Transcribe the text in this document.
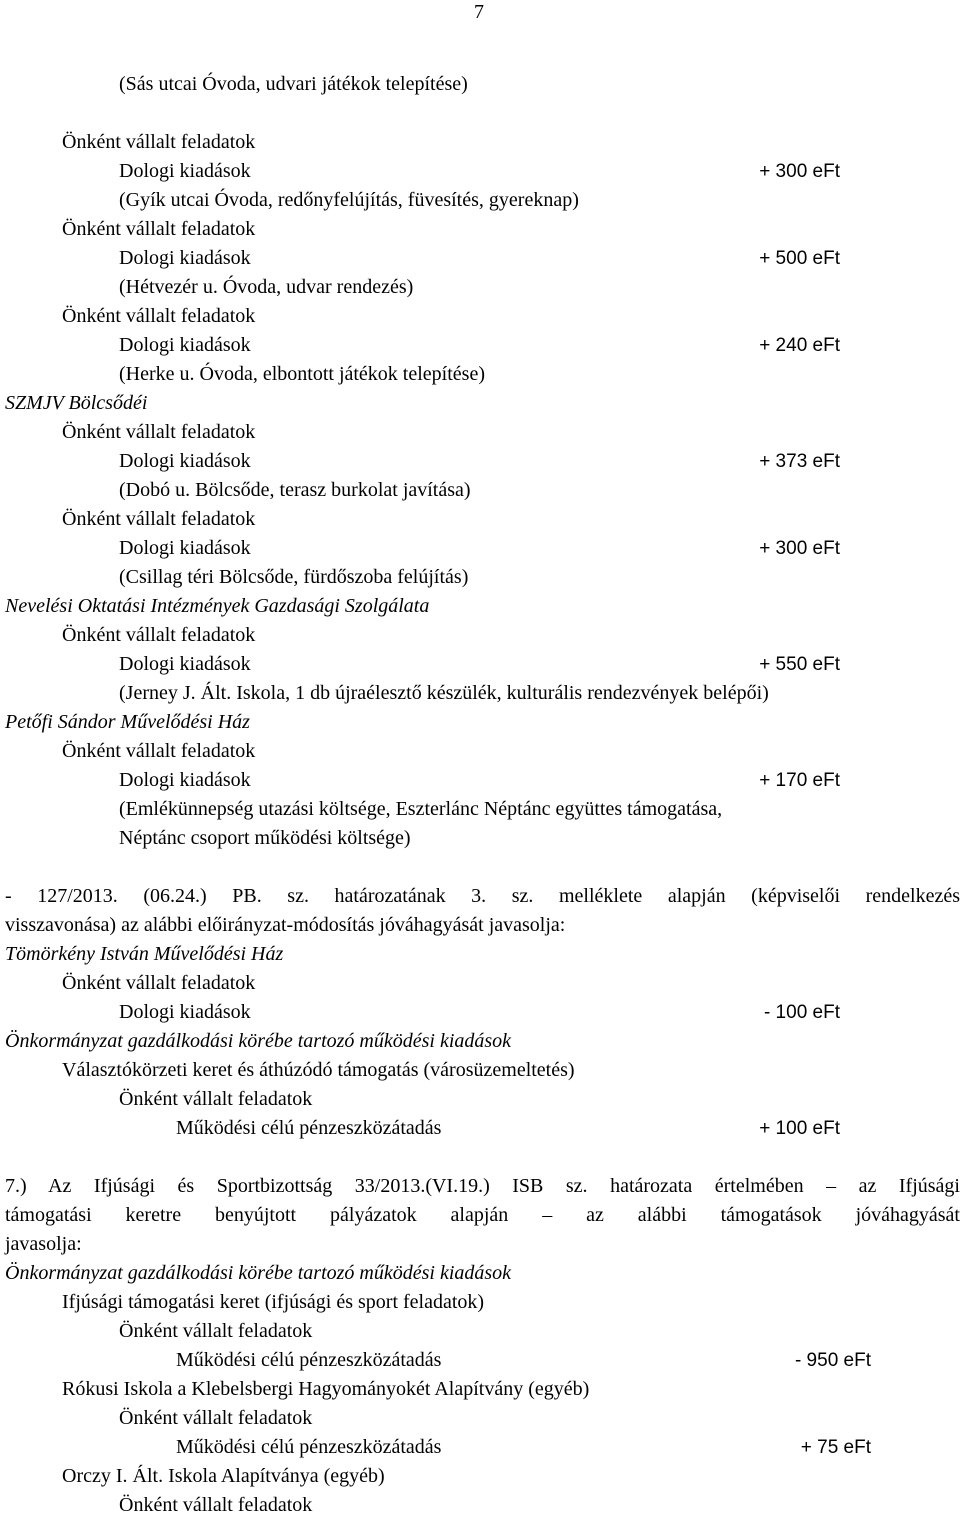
7
(Sás utcai Óvoda, udvari játékok telepítése)
Önként vállalt feladatok
Dologi kiadások	+ 300 eFt
(Gyík utcai Óvoda, redőnyfelújítás, füvesítés, gyereknap)
Önként vállalt feladatok
Dologi kiadások	+ 500 eFt
(Hétvezér u. Óvoda, udvar rendezés)
Önként vállalt feladatok
Dologi kiadások	+ 240 eFt
(Herke u. Óvoda, elbontott játékok telepítése)
SZMJV Bölcsődéi
Önként vállalt feladatok
Dologi kiadások	+ 373 eFt
(Dobó u. Bölcsőde, terasz burkolat javítása)
Önként vállalt feladatok
Dologi kiadások	+ 300 eFt
(Csillag téri Bölcsőde, fürdőszoba felújítás)
Nevelési Oktatási Intézmények Gazdasági Szolgálata
Önként vállalt feladatok
Dologi kiadások	+ 550 eFt
(Jerney J. Ált. Iskola, 1 db újraélesztő készülék, kulturális rendezvények belépői)
Petőfi Sándor Művelődési Ház
Önként vállalt feladatok
Dologi kiadások	+ 170 eFt
(Emlékünnepség utazási költsége, Eszterlánc Néptánc együttes támogatása,
Néptánc csoport működési költsége)
- 127/2013. (06.24.) PB. sz. határozatának 3. sz. melléklete alapján (képviselői rendelkezés
visszavonása) az alábbi előirányzat-módosítás jóváhagyását javasolja:
Tömörkény István Művelődési Ház
Önként vállalt feladatok
Dologi kiadások	- 100 eFt
Önkormányzat gazdálkodási körébe tartozó működési kiadások
Választókörzeti keret és áthúzódó támogatás (városüzemeltetés)
Önként vállalt feladatok
Működési célú pénzeszközátadás	+ 100 eFt
7.) Az Ifjúsági és Sportbizottság 33/2013.(VI.19.) ISB sz. határozata értelmében – az Ifjúsági
támogatási keretre benyújtott pályázatok alapján – az alábbi támogatások jóváhagyását
javasolja:
Önkormányzat gazdálkodási körébe tartozó működési kiadások
Ifjúsági támogatási keret (ifjúsági és sport feladatok)
Önként vállalt feladatok
Működési célú pénzeszközátadás	- 950 eFt
Rókusi Iskola a Klebelsbergi Hagyományokét Alapítvány (egyéb)
Önként vállalt feladatok
Működési célú pénzeszközátadás	+ 75 eFt
Orczy I. Ált. Iskola Alapítványa (egyéb)
Önként vállalt feladatok
